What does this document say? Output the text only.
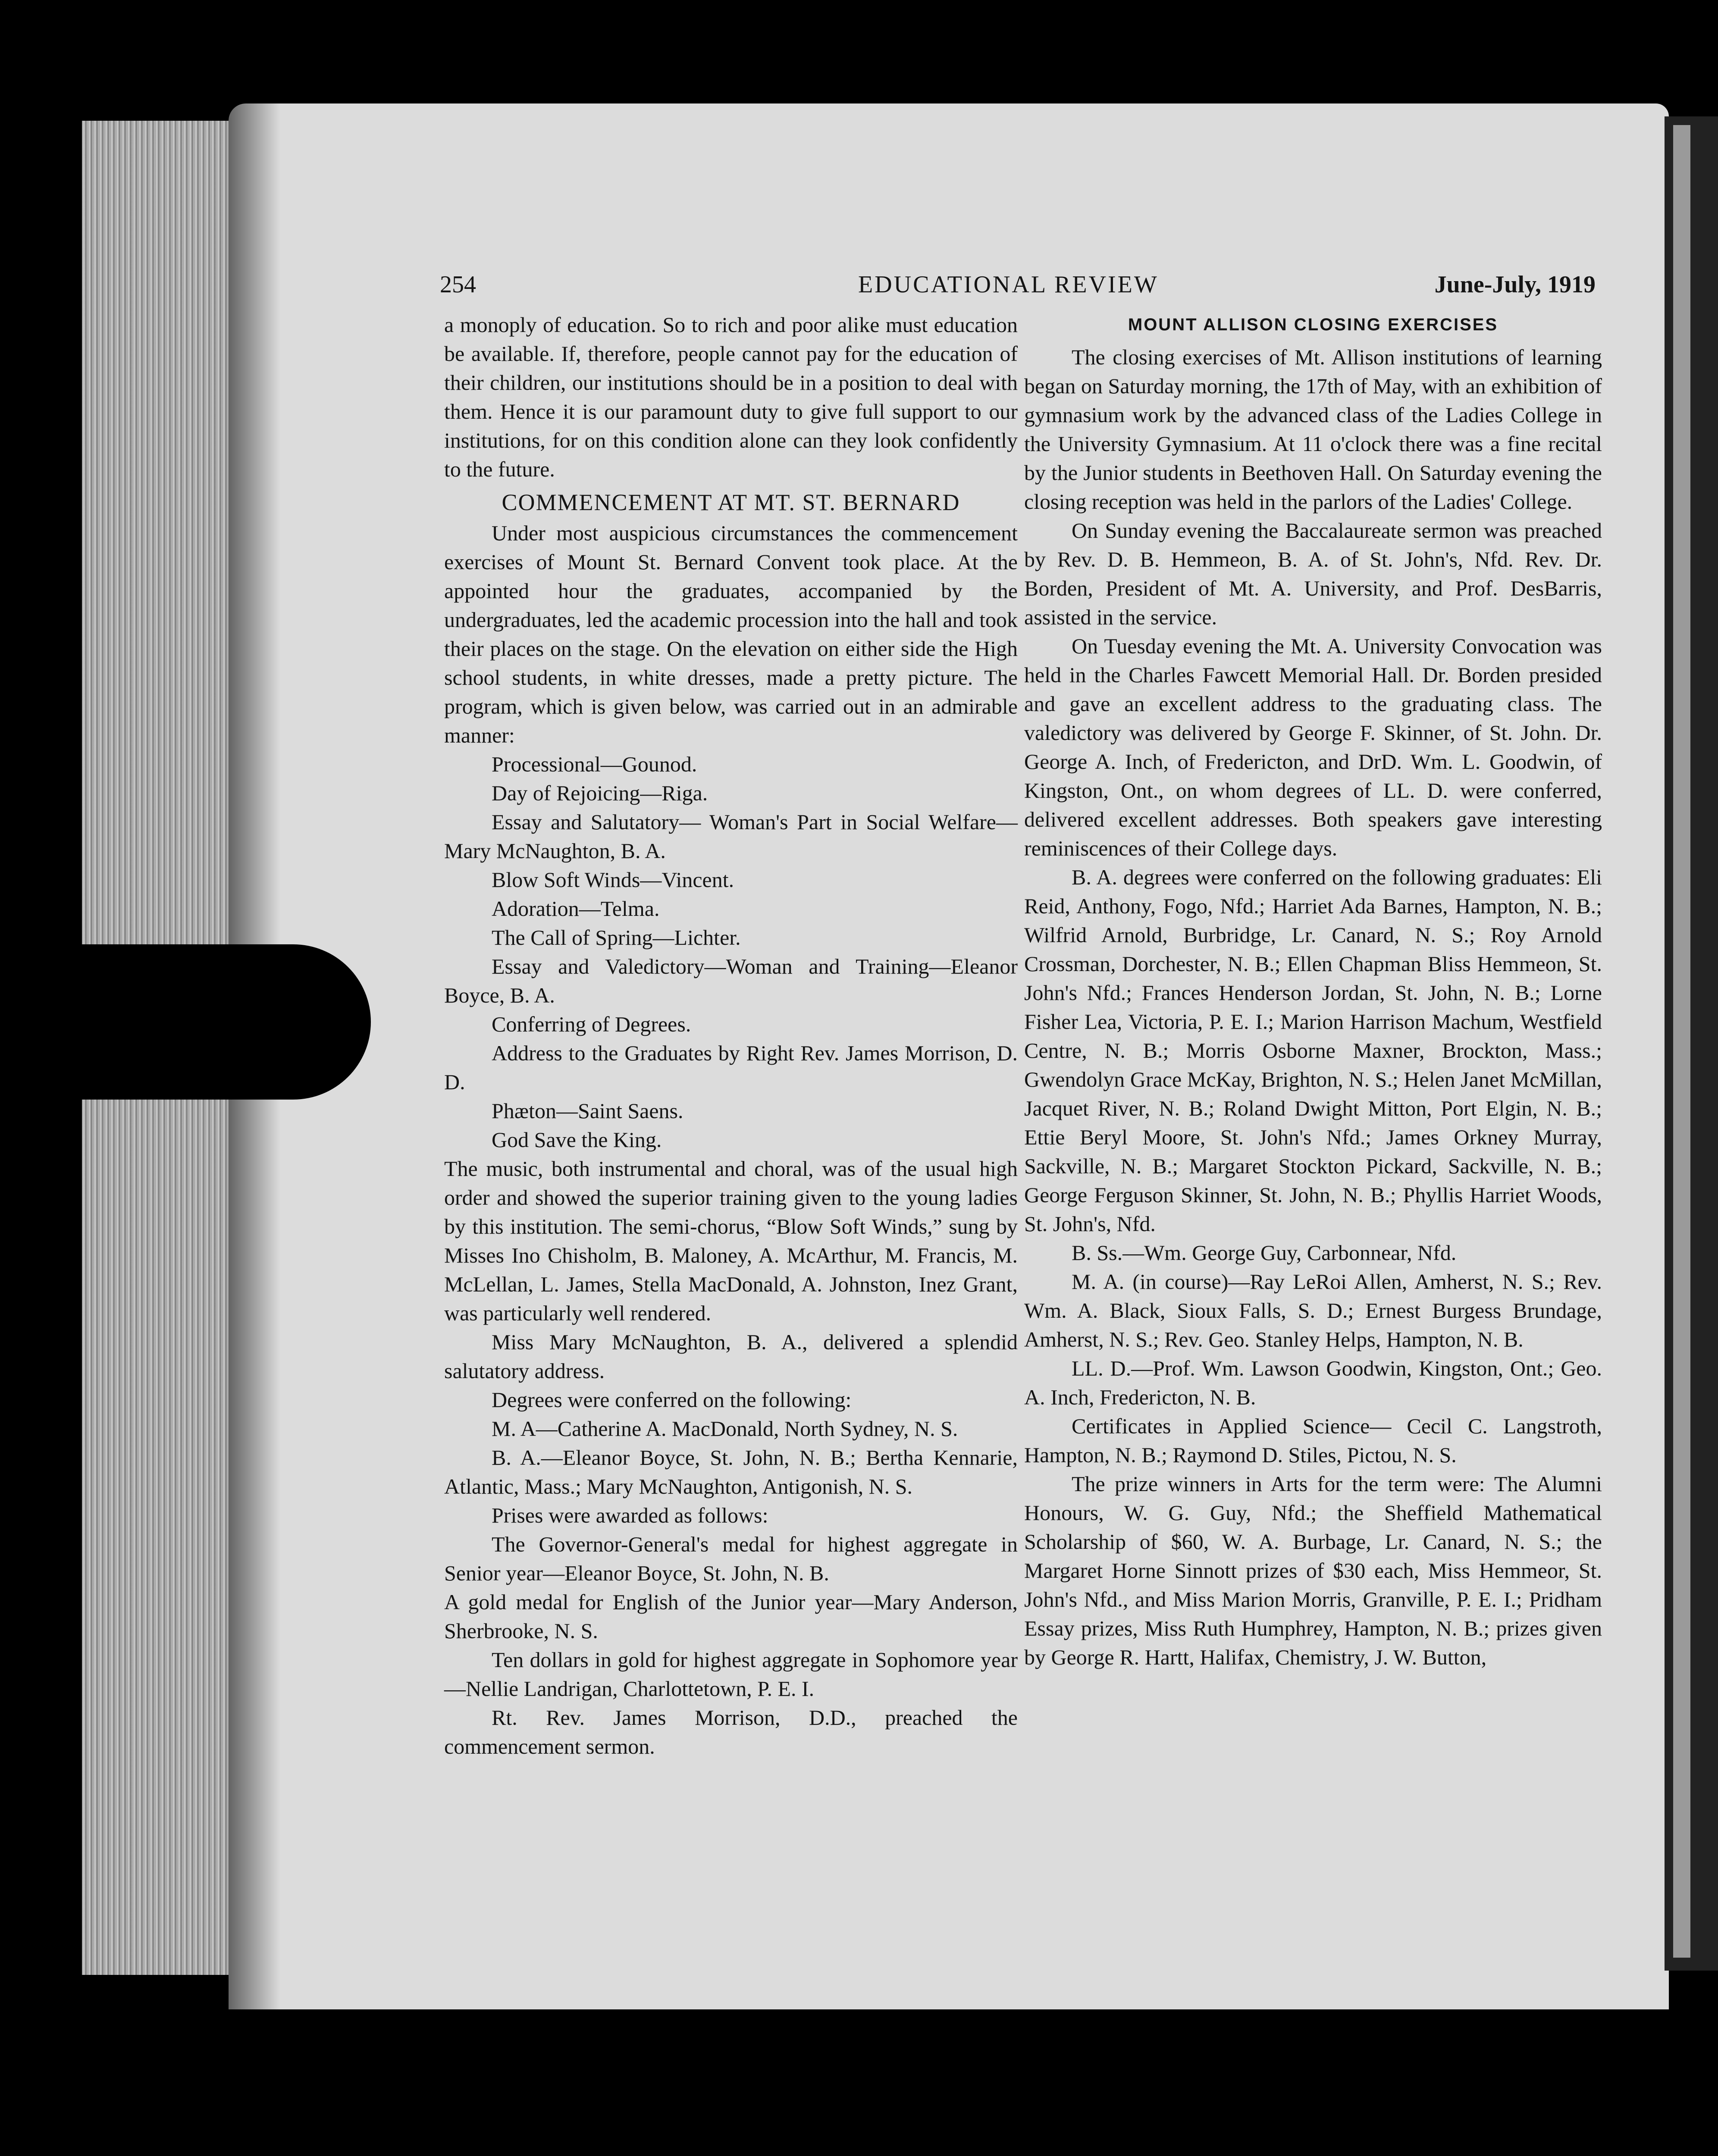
254	EDUCATIONAL REVIEW	June-July, 1919

a monoply of education. So to rich and poor alike must education be available. If, therefore, people cannot pay for the education of their children, our institutions should be in a position to deal with them. Hence it is our paramount duty to give full support to our institutions, for on this condition alone can they look confidently to the future.

COMMENCEMENT AT MT. ST. BERNARD

Under most auspicious circumstances the commencement exercises of Mount St. Bernard Convent took place. At the appointed hour the graduates, accompanied by the undergraduates, led the academic procession into the hall and took their places on the stage. On the elevation on either side the High school students, in white dresses, made a pretty picture. The program, which is given below, was carried out in an admirable manner:

Processional—Gounod.

Day of Rejoicing—Riga.

Essay and Salutatory— Woman's Part in Social Welfare—Mary McNaughton, B. A.

Blow Soft Winds—Vincent.

Adoration—Telma.

The Call of Spring—Lichter.

Essay and Valedictory—Woman and Training—Eleanor Boyce, B. A.

Conferring of Degrees.

Address to the Graduates by Right Rev. James Morrison, D. D.

Phæton—Saint Saens.

God Save the King.

The music, both instrumental and choral, was of the usual high order and showed the superior training given to the young ladies by this institution. The semi-chorus, “Blow Soft Winds,” sung by Misses Ino Chisholm, B. Maloney, A. McArthur, M. Francis, M. McLellan, L. James, Stella MacDonald, A. Johnston, Inez Grant, was particularly well rendered.

Miss Mary McNaughton, B. A., delivered a splendid salutatory address.

Degrees were conferred on the following:

M. A—Catherine A. MacDonald, North Sydney, N. S.

B. A.—Eleanor Boyce, St. John, N. B.; Bertha Kennarie, Atlantic, Mass.; Mary McNaughton, Antigonish, N. S.

Prises were awarded as follows:

The Governor-General's medal for highest aggregate in Senior year—Eleanor Boyce, St. John, N. B.

A gold medal for English of the Junior year—Mary Anderson, Sherbrooke, N. S.

Ten dollars in gold for highest aggregate in Sophomore year—Nellie Landrigan, Charlottetown, P. E. I.

Rt. Rev. James Morrison, D.D., preached the commencement sermon.

MOUNT ALLISON CLOSING EXERCISES

The closing exercises of Mt. Allison institutions of learning began on Saturday morning, the 17th of May, with an exhibition of gymnasium work by the advanced class of the Ladies College in the University Gymnasium. At 11 o'clock there was a fine recital by the Junior students in Beethoven Hall. On Saturday evening the closing reception was held in the parlors of the Ladies' College.

On Sunday evening the Baccalaureate sermon was preached by Rev. D. B. Hemmeon, B. A. of St. John's, Nfd. Rev. Dr. Borden, President of Mt. A. University, and Prof. DesBarris, assisted in the service.

On Tuesday evening the Mt. A. University Convocation was held in the Charles Fawcett Memorial Hall. Dr. Borden presided and gave an excellent address to the graduating class. The valedictory was delivered by George F. Skinner, of St. John. Dr. George A. Inch, of Fredericton, and DrD. Wm. L. Goodwin, of Kingston, Ont., on whom degrees of LL. D. were conferred, delivered excellent addresses. Both speakers gave interesting reminiscences of their College days.

B. A. degrees were conferred on the following graduates: Eli Reid, Anthony, Fogo, Nfd.; Harriet Ada Barnes, Hampton, N. B.; Wilfrid Arnold, Burbridge, Lr. Canard, N. S.; Roy Arnold Crossman, Dorchester, N. B.; Ellen Chapman Bliss Hemmeon, St. John's Nfd.; Frances Henderson Jordan, St. John, N. B.; Lorne Fisher Lea, Victoria, P. E. I.; Marion Harrison Machum, Westfield Centre, N. B.; Morris Osborne Maxner, Brockton, Mass.; Gwendolyn Grace McKay, Brighton, N. S.; Helen Janet McMillan, Jacquet River, N. B.; Roland Dwight Mitton, Port Elgin, N. B.; Ettie Beryl Moore, St. John's Nfd.; James Orkney Murray, Sackville, N. B.; Margaret Stockton Pickard, Sackville, N. B.; George Ferguson Skinner, St. John, N. B.; Phyllis Harriet Woods, St. John's, Nfd.

B. Ss.—Wm. George Guy, Carbonnear, Nfd.

M. A. (in course)—Ray LeRoi Allen, Amherst, N. S.; Rev. Wm. A. Black, Sioux Falls, S. D.; Ernest Burgess Brundage, Amherst, N. S.; Rev. Geo. Stanley Helps, Hampton, N. B.

LL. D.—Prof. Wm. Lawson Goodwin, Kingston, Ont.; Geo. A. Inch, Fredericton, N. B.

Certificates in Applied Science— Cecil C. Langstroth, Hampton, N. B.; Raymond D. Stiles, Pictou, N. S.

The prize winners in Arts for the term were: The Alumni Honours, W. G. Guy, Nfd.; the Sheffield Mathematical Scholarship of $60, W. A. Burbage, Lr. Canard, N. S.; the Margaret Horne Sinnott prizes of $30 each, Miss Hemmeor, St. John's Nfd., and Miss Marion Morris, Granville, P. E. I.; Pridham Essay prizes, Miss Ruth Humphrey, Hampton, N. B.; prizes given by George R. Hartt, Halifax, Chemistry, J. W. Button,
